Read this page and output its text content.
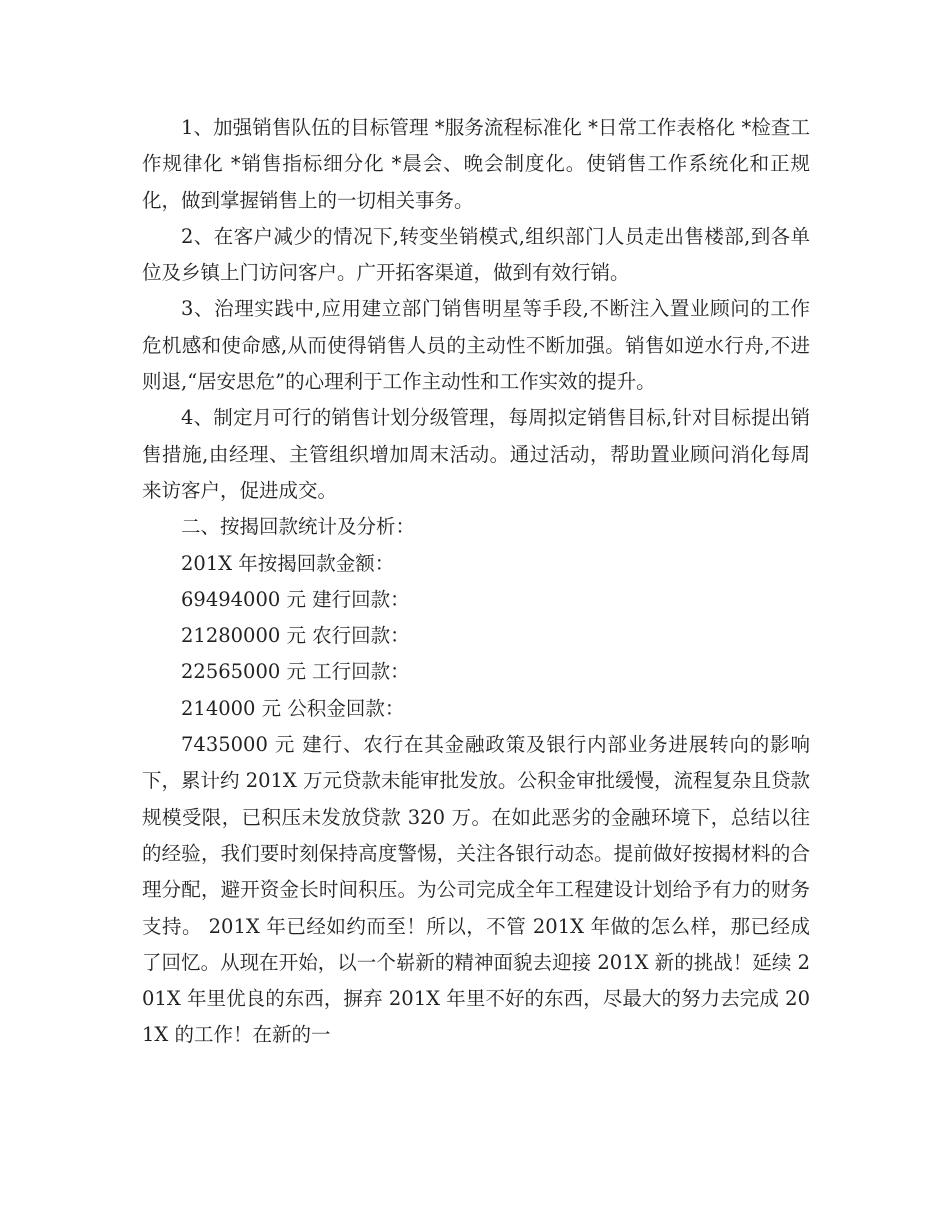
1、加强销售队伍的目标管理 *服务流程标准化 *日常工作表格化 *检查工作规律化 *销售指标细分化 *晨会、晚会制度化。使销售工作系统化和正规化，做到掌握销售上的一切相关事务。

2、在客户减少的情况下,转变坐销模式,组织部门人员走出售楼部,到各单位及乡镇上门访问客户。广开拓客渠道，做到有效行销。

3、治理实践中,应用建立部门销售明星等手段,不断注入置业顾问的工作危机感和使命感,从而使得销售人员的主动性不断加强。销售如逆水行舟,不进则退,“居安思危”的心理利于工作主动性和工作实效的提升。

4、制定月可行的销售计划分级管理，每周拟定销售目标,针对目标提出销售措施,由经理、主管组织增加周末活动。通过活动，帮助置业顾问消化每周来访客户，促进成交。

二、按揭回款统计及分析：

201X 年按揭回款金额：

69494000 元 建行回款：

21280000 元 农行回款：

22565000 元 工行回款：

214000 元 公积金回款：

7435000 元 建行、农行在其金融政策及银行内部业务进展转向的影响下，累计约 201X 万元贷款未能审批发放。公积金审批缓慢，流程复杂且贷款规模受限，已积压未发放贷款 320 万。在如此恶劣的金融环境下，总结以往的经验，我们要时刻保持高度警惕，关注各银行动态。提前做好按揭材料的合理分配，避开资金长时间积压。为公司完成全年工程建设计划给予有力的财务支持。 201X 年已经如约而至！所以，不管 201X 年做的怎么样，那已经成了回忆。从现在开始，以一个崭新的精神面貌去迎接 201X 新的挑战！延续 201X 年里优良的东西，摒弃 201X 年里不好的东西，尽最大的努力去完成 201X 的工作！在新的一
